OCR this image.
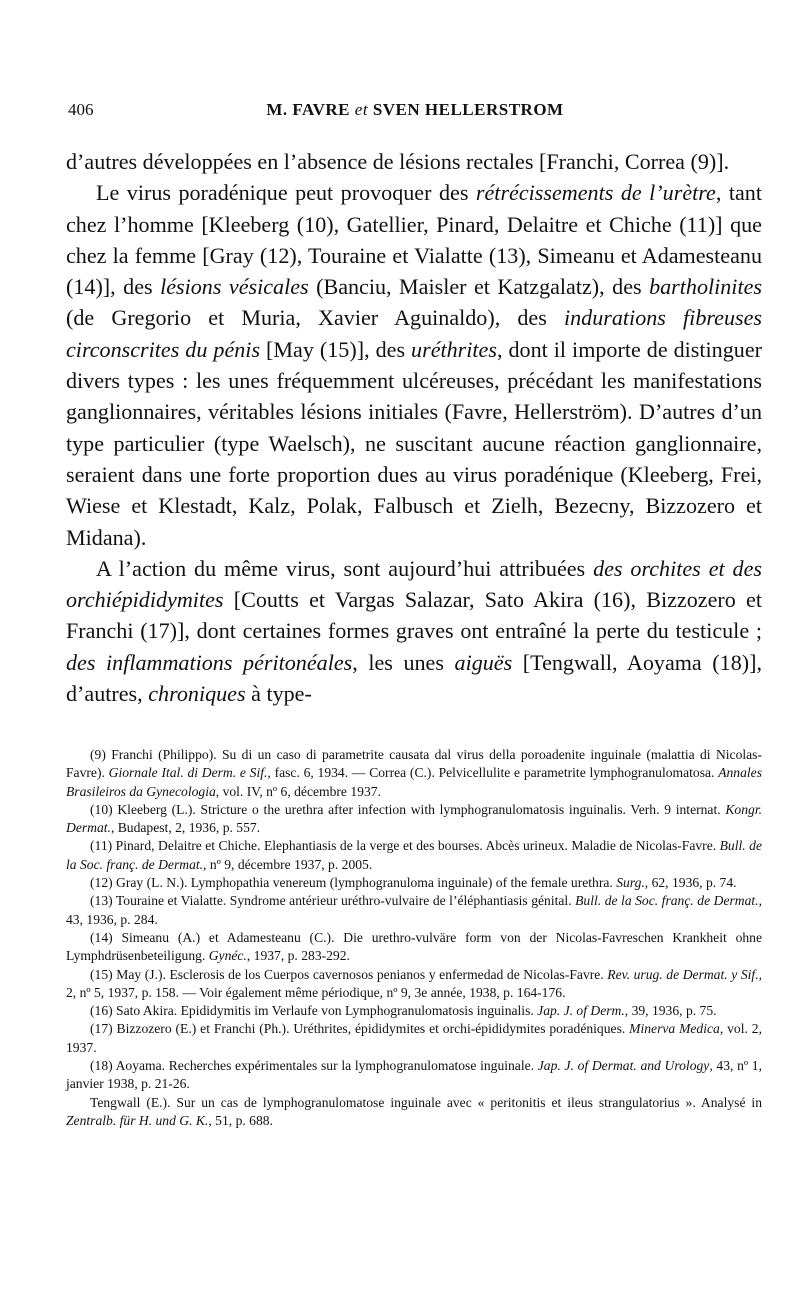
406	M. FAVRE et SVEN HELLERSTROM

d’autres développées en l’absence de lésions rectales [Franchi, Correa (9)].

Le virus poradénique peut provoquer des rétrécissements de l’urètre, tant chez l’homme [Kleeberg (10), Gatellier, Pinard, Delaitre et Chiche (11)] que chez la femme [Gray (12), Touraine et Vialatte (13), Simeanu et Adamesteanu (14)], des lésions vésicales (Banciu, Maisler et Katzgalatz), des bartholinites (de Gregorio et Muria, Xavier Aguinaldo), des indurations fibreuses circonscrites du pénis [May (15)], des uréthrites, dont il importe de distinguer divers types : les unes fréquemment ulcéreuses, précédant les manifestations ganglionnaires, véritables lésions initiales (Favre, Hellerström). D’autres d’un type particulier (type Waelsch), ne suscitant aucune réaction ganglionnaire, seraient dans une forte proportion dues au virus poradénique (Kleeberg, Frei, Wiese et Klestadt, Kalz, Polak, Falbusch et Zielh, Bezecny, Bizzozero et Midana).

A l’action du même virus, sont aujourd’hui attribuées des orchites et des orchiépididymites [Coutts et Vargas Salazar, Sato Akira (16), Bizzozero et Franchi (17)], dont certaines formes graves ont entraîné la perte du testicule ; des inflammations péritonéales, les unes aiguës [Tengwall, Aoyama (18)], d’autres, chroniques à type-

(9) Franchi (Philippo). Su di un caso di parametrite causata dal virus della poroadenite inguinale (malattia di Nicolas-Favre). Giornale Ital. di Derm. e Sif., fasc. 6, 1934. — Correa (C.). Pelvicellulite e parametrite lymphogranulomatosa. Annales Brasileiros da Gynecologia, vol. IV, nº 6, décembre 1937.

(10) Kleeberg (L.). Stricture o the urethra after infection with lymphogranulomatosis inguinalis. Verh. 9 internat. Kongr. Dermat., Budapest, 2, 1936, p. 557.

(11) Pinard, Delaitre et Chiche. Elephantiasis de la verge et des bourses. Abcès urineux. Maladie de Nicolas-Favre. Bull. de la Soc. franç. de Dermat., nº 9, décembre 1937, p. 2005.

(12) Gray (L. N.). Lymphopathia venereum (lymphogranuloma inguinale) of the female urethra. Surg., 62, 1936, p. 74.

(13) Touraine et Vialatte. Syndrome antérieur uréthro-vulvaire de l’éléphantiasis génital. Bull. de la Soc. franç. de Dermat., 43, 1936, p. 284.

(14) Simeanu (A.) et Adamesteanu (C.). Die urethro-vulväre form von der Nicolas-Favreschen Krankheit ohne Lymphdrüsenbeteiligung. Gynéc., 1937, p. 283-292.

(15) May (J.). Esclerosis de los Cuerpos cavernosos penianos y enfermedad de Nicolas-Favre. Rev. urug. de Dermat. y Sif., 2, nº 5, 1937, p. 158. — Voir également même périodique, nº 9, 3e année, 1938, p. 164-176.

(16) Sato Akira. Epididymitis im Verlaufe von Lymphogranulomatosis inguinalis. Jap. J. of Derm., 39, 1936, p. 75.

(17) Bizzozero (E.) et Franchi (Ph.). Uréthrites, épididymites et orchi-épididymites poradéniques. Minerva Medica, vol. 2, 1937.

(18) Aoyama. Recherches expérimentales sur la lymphogranulomatose inguinale. Jap. J. of Dermat. and Urology, 43, nº 1, janvier 1938, p. 21-26.

Tengwall (E.). Sur un cas de lymphogranulomatose inguinale avec « peritonitis et ileus strangulatorius ». Analysé in Zentralb. für H. und G. K., 51, p. 688.
